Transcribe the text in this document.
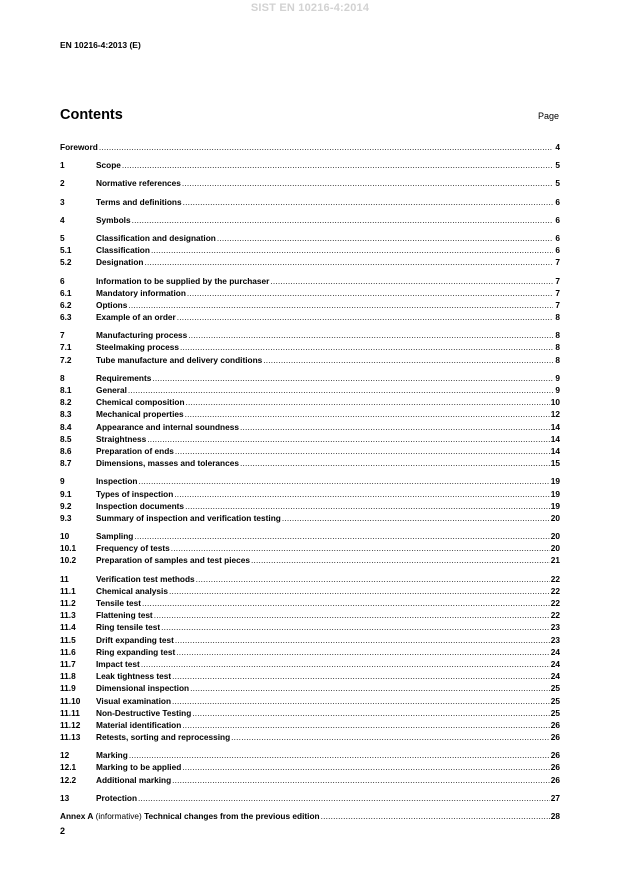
SIST EN 10216-4:2014
EN 10216-4:2013 (E)
Contents	Page
Foreword .....	4
1	Scope .....	5
2	Normative references .....	5
3	Terms and definitions .....	6
4	Symbols .....	6
5	Classification and designation .....	6
5.1	Classification .....	6
5.2	Designation .....	7
6	Information to be supplied by the purchaser .....	7
6.1	Mandatory information .....	7
6.2	Options .....	7
6.3	Example of an order .....	8
7	Manufacturing process .....	8
7.1	Steelmaking process .....	8
7.2	Tube manufacture and delivery conditions .....	8
8	Requirements .....	9
8.1	General .....	9
8.2	Chemical composition .....	10
8.3	Mechanical properties .....	12
8.4	Appearance and internal soundness .....	14
8.5	Straightness .....	14
8.6	Preparation of ends .....	14
8.7	Dimensions, masses and tolerances .....	15
9	Inspection .....	19
9.1	Types of inspection .....	19
9.2	Inspection documents .....	19
9.3	Summary of inspection and verification testing .....	20
10	Sampling .....	20
10.1	Frequency of tests .....	20
10.2	Preparation of samples and test pieces .....	21
11	Verification test methods .....	22
11.1	Chemical analysis .....	22
11.2	Tensile test .....	22
11.3	Flattening test .....	22
11.4	Ring tensile test .....	23
11.5	Drift expanding test .....	23
11.6	Ring expanding test .....	24
11.7	Impact test .....	24
11.8	Leak tightness test .....	24
11.9	Dimensional inspection .....	25
11.10	Visual examination .....	25
11.11	Non-Destructive Testing .....	25
11.12	Material identification .....	26
11.13	Retests, sorting and reprocessing .....	26
12	Marking .....	26
12.1	Marking to be applied .....	26
12.2	Additional marking .....	26
13	Protection .....	27
Annex A (informative) Technical changes from the previous edition .....	28
2
